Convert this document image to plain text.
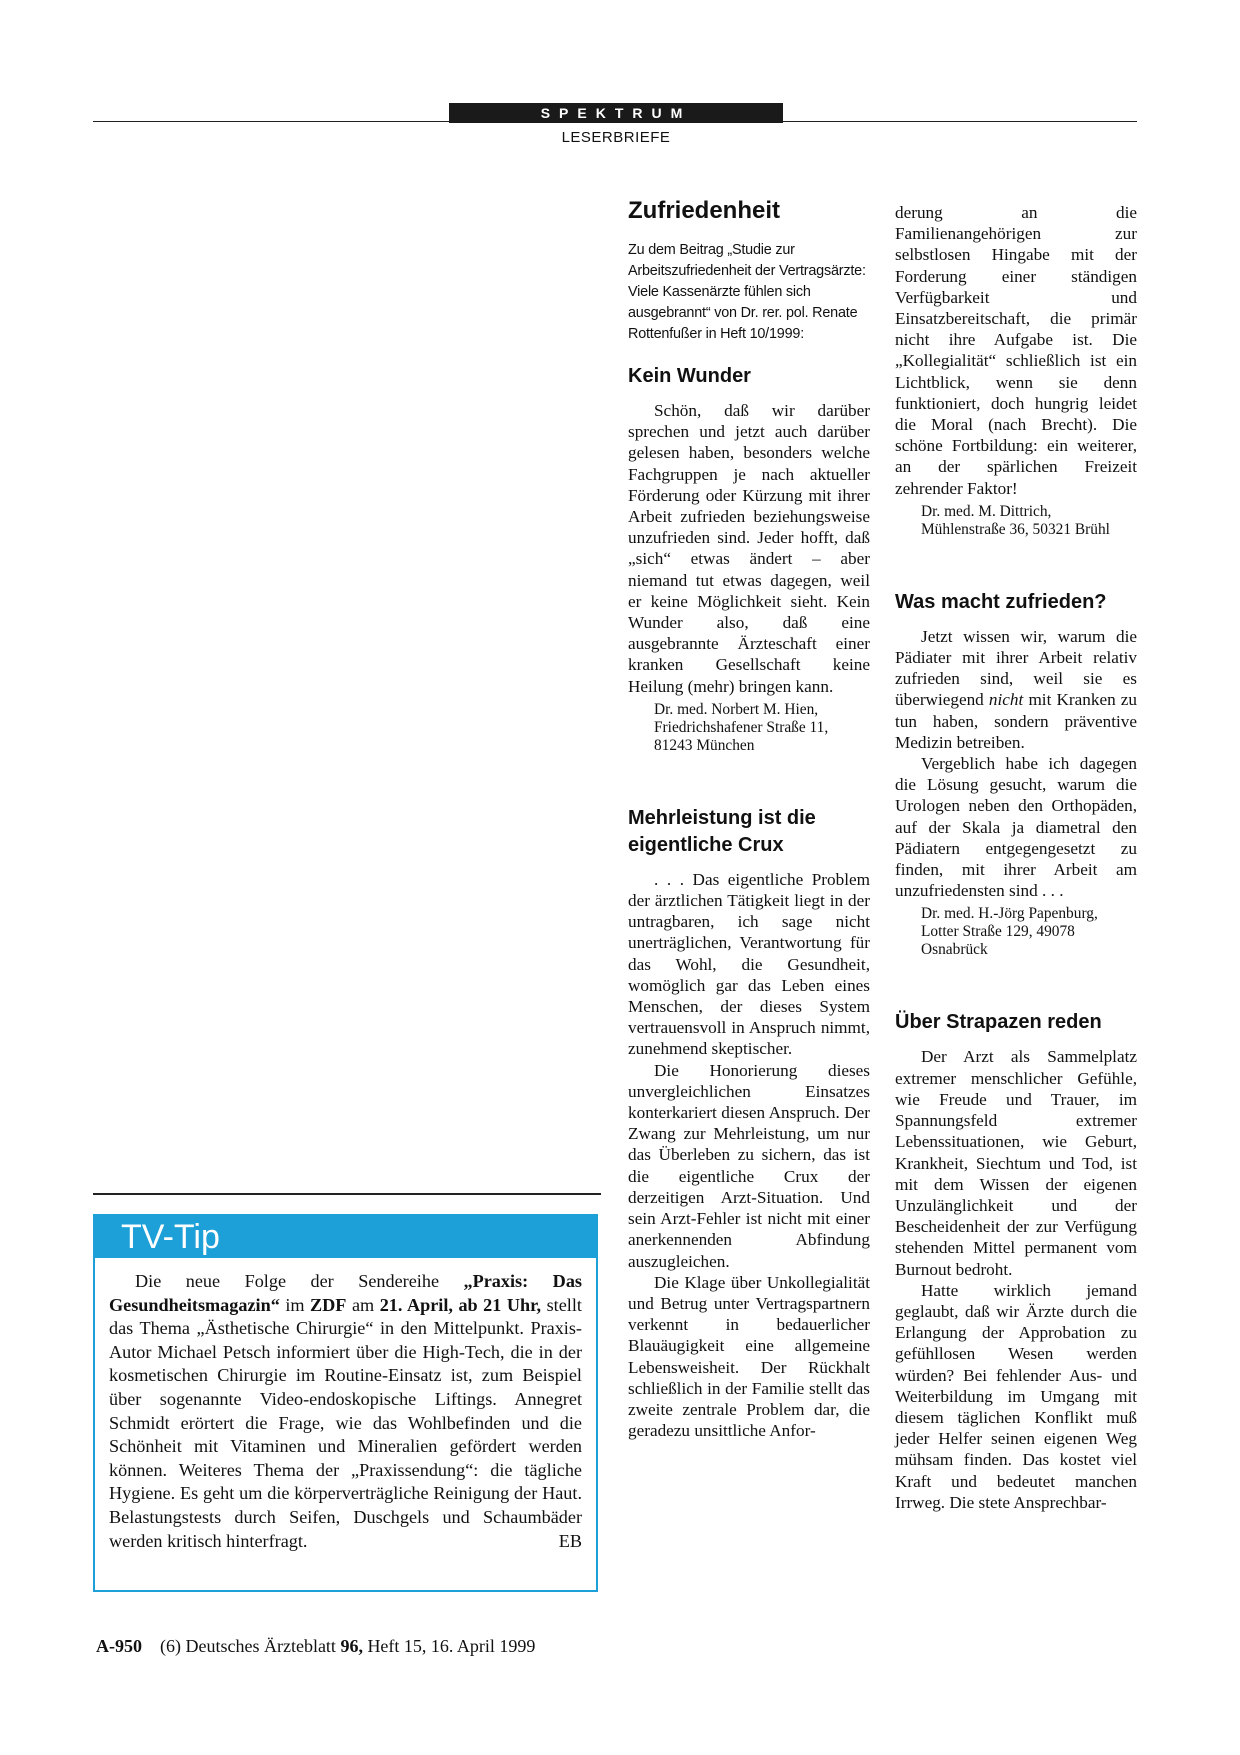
SPEKTRUM
LESERBRIEFE
Zufriedenheit

Zu dem Beitrag „Studie zur Arbeitszufriedenheit der Vertragsärzte: Viele Kassenärzte fühlen sich ausgebrannt“ von Dr. rer. pol. Renate Rottenfußer in Heft 10/1999:

Kein Wunder

Schön, daß wir darüber sprechen und jetzt auch darüber gelesen haben, besonders welche Fachgruppen je nach aktueller Förderung oder Kürzung mit ihrer Arbeit zufrieden beziehungsweise unzufrieden sind. Jeder hofft, daß „sich“ etwas ändert – aber niemand tut etwas dagegen, weil er keine Möglichkeit sieht. Kein Wunder also, daß eine ausgebrannte Ärzteschaft einer kranken Gesellschaft keine Heilung (mehr) bringen kann.

Dr. med. Norbert M. Hien, Friedrichshafener Straße 11, 81243 München

Mehrleistung ist die eigentliche Crux

. . . Das eigentliche Problem der ärztlichen Tätigkeit liegt in der untragbaren, ich sage nicht unerträglichen, Verantwortung für das Wohl, die Gesundheit, womöglich gar das Leben eines Menschen, der dieses System vertrauensvoll in Anspruch nimmt, zunehmend skeptischer.

Die Honorierung dieses unvergleichlichen Einsatzes konterkariert diesen Anspruch. Der Zwang zur Mehrleistung, um nur das Überleben zu sichern, das ist die eigentliche Crux der derzeitigen Arzt-Situation. Und sein Arzt-Fehler ist nicht mit einer anerkennenden Abfindung auszugleichen.

Die Klage über Unkollegialität und Betrug unter Vertragspartnern verkennt in bedauerlicher Blauäugigkeit eine allgemeine Lebensweisheit. Der Rückhalt schließlich in der Familie stellt das zweite zentrale Problem dar, die geradezu unsittliche Anfor-

derung an die Familienangehörigen zur selbstlosen Hingabe mit der Forderung einer ständigen Verfügbarkeit und Einsatzbereitschaft, die primär nicht ihre Aufgabe ist. Die „Kollegialität“ schließlich ist ein Lichtblick, wenn sie denn funktioniert, doch hungrig leidet die Moral (nach Brecht). Die schöne Fortbildung: ein weiterer, an der spärlichen Freizeit zehrender Faktor!

Dr. med. M. Dittrich, Mühlenstraße 36, 50321 Brühl

Was macht zufrieden?

Jetzt wissen wir, warum die Pädiater mit ihrer Arbeit relativ zufrieden sind, weil sie es überwiegend nicht mit Kranken zu tun haben, sondern präventive Medizin betreiben.

Vergeblich habe ich dagegen die Lösung gesucht, warum die Urologen neben den Orthopäden, auf der Skala ja diametral den Pädiatern entgegengesetzt zu finden, mit ihrer Arbeit am unzufriedensten sind . . .

Dr. med. H.-Jörg Papenburg, Lotter Straße 129, 49078 Osnabrück

Über Strapazen reden

Der Arzt als Sammelplatz extremer menschlicher Gefühle, wie Freude und Trauer, im Spannungsfeld extremer Lebenssituationen, wie Geburt, Krankheit, Siechtum und Tod, ist mit dem Wissen der eigenen Unzulänglichkeit und der Bescheidenheit der zur Verfügung stehenden Mittel permanent vom Burnout bedroht.

Hatte wirklich jemand geglaubt, daß wir Ärzte durch die Erlangung der Approbation zu gefühllosen Wesen werden würden? Bei fehlender Aus- und Weiterbildung im Umgang mit diesem täglichen Konflikt muß jeder Helfer seinen eigenen Weg mühsam finden. Das kostet viel Kraft und bedeutet manchen Irrweg. Die stete Ansprechbar-

TV-Tip
Die neue Folge der Sendereihe „Praxis: Das Gesundheitsmagazin“ im ZDF am 21. April, ab 21 Uhr, stellt das Thema „Ästhetische Chirurgie“ in den Mittelpunkt. Praxis-Autor Michael Petsch informiert über die High-Tech, die in der kosmetischen Chirurgie im Routine-Einsatz ist, zum Beispiel über sogenannte Video-endoskopische Liftings. Annegret Schmidt erörtert die Frage, wie das Wohlbefinden und die Schönheit mit Vitaminen und Mineralien gefördert werden können. Weiteres Thema der „Praxissendung“: die tägliche Hygiene. Es geht um die körperverträgliche Reinigung der Haut. Belastungstests durch Seifen, Duschgels und Schaumbäder werden kritisch hinterfragt.	EB
A-950 (6) Deutsches Ärzteblatt 96, Heft 15, 16. April 1999
